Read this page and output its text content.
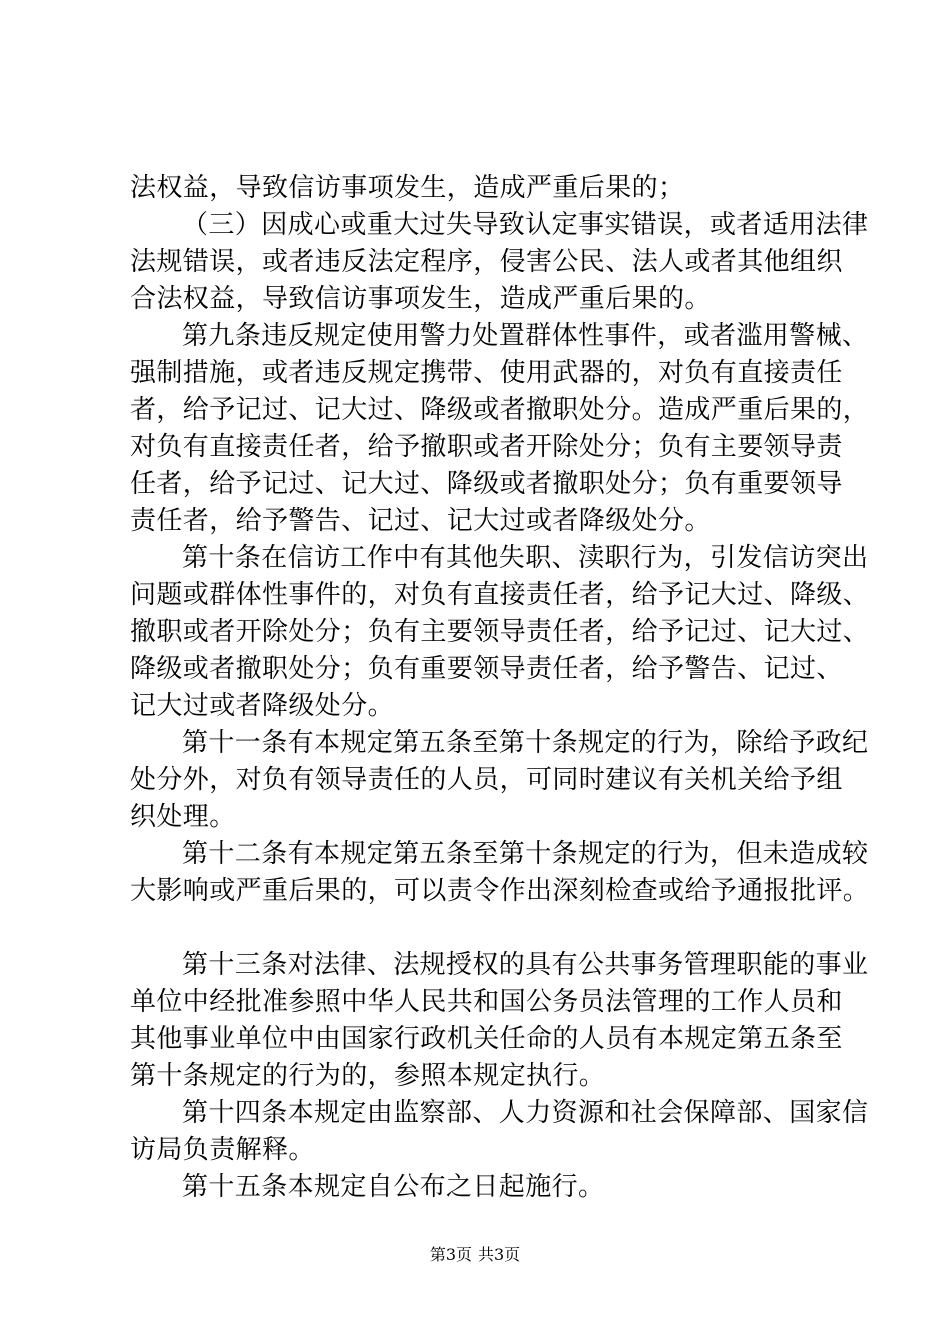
法权益，导致信访事项发生，造成严重后果的；
（三）因成心或重大过失导致认定事实错误，或者适用法律
法规错误，或者违反法定程序，侵害公民、法人或者其他组织
合法权益，导致信访事项发生，造成严重后果的。
第九条违反规定使用警力处置群体性事件，或者滥用警械、
强制措施，或者违反规定携带、使用武器的，对负有直接责任
者，给予记过、记大过、降级或者撤职处分。造成严重后果的，
对负有直接责任者，给予撤职或者开除处分；负有主要领导责
任者，给予记过、记大过、降级或者撤职处分；负有重要领导
责任者，给予警告、记过、记大过或者降级处分。
第十条在信访工作中有其他失职、渎职行为，引发信访突出
问题或群体性事件的，对负有直接责任者，给予记大过、降级、
撤职或者开除处分；负有主要领导责任者，给予记过、记大过、
降级或者撤职处分；负有重要领导责任者，给予警告、记过、
记大过或者降级处分。
第十一条有本规定第五条至第十条规定的行为，除给予政纪
处分外，对负有领导责任的人员，可同时建议有关机关给予组
织处理。
第十二条有本规定第五条至第十条规定的行为，但未造成较
大影响或严重后果的，可以责令作出深刻检查或给予通报批评。
第十三条对法律、法规授权的具有公共事务管理职能的事业
单位中经批准参照中华人民共和国公务员法管理的工作人员和
其他事业单位中由国家行政机关任命的人员有本规定第五条至
第十条规定的行为的，参照本规定执行。
第十四条本规定由监察部、人力资源和社会保障部、国家信
访局负责解释。
第十五条本规定自公布之日起施行。
第3页 共3页
